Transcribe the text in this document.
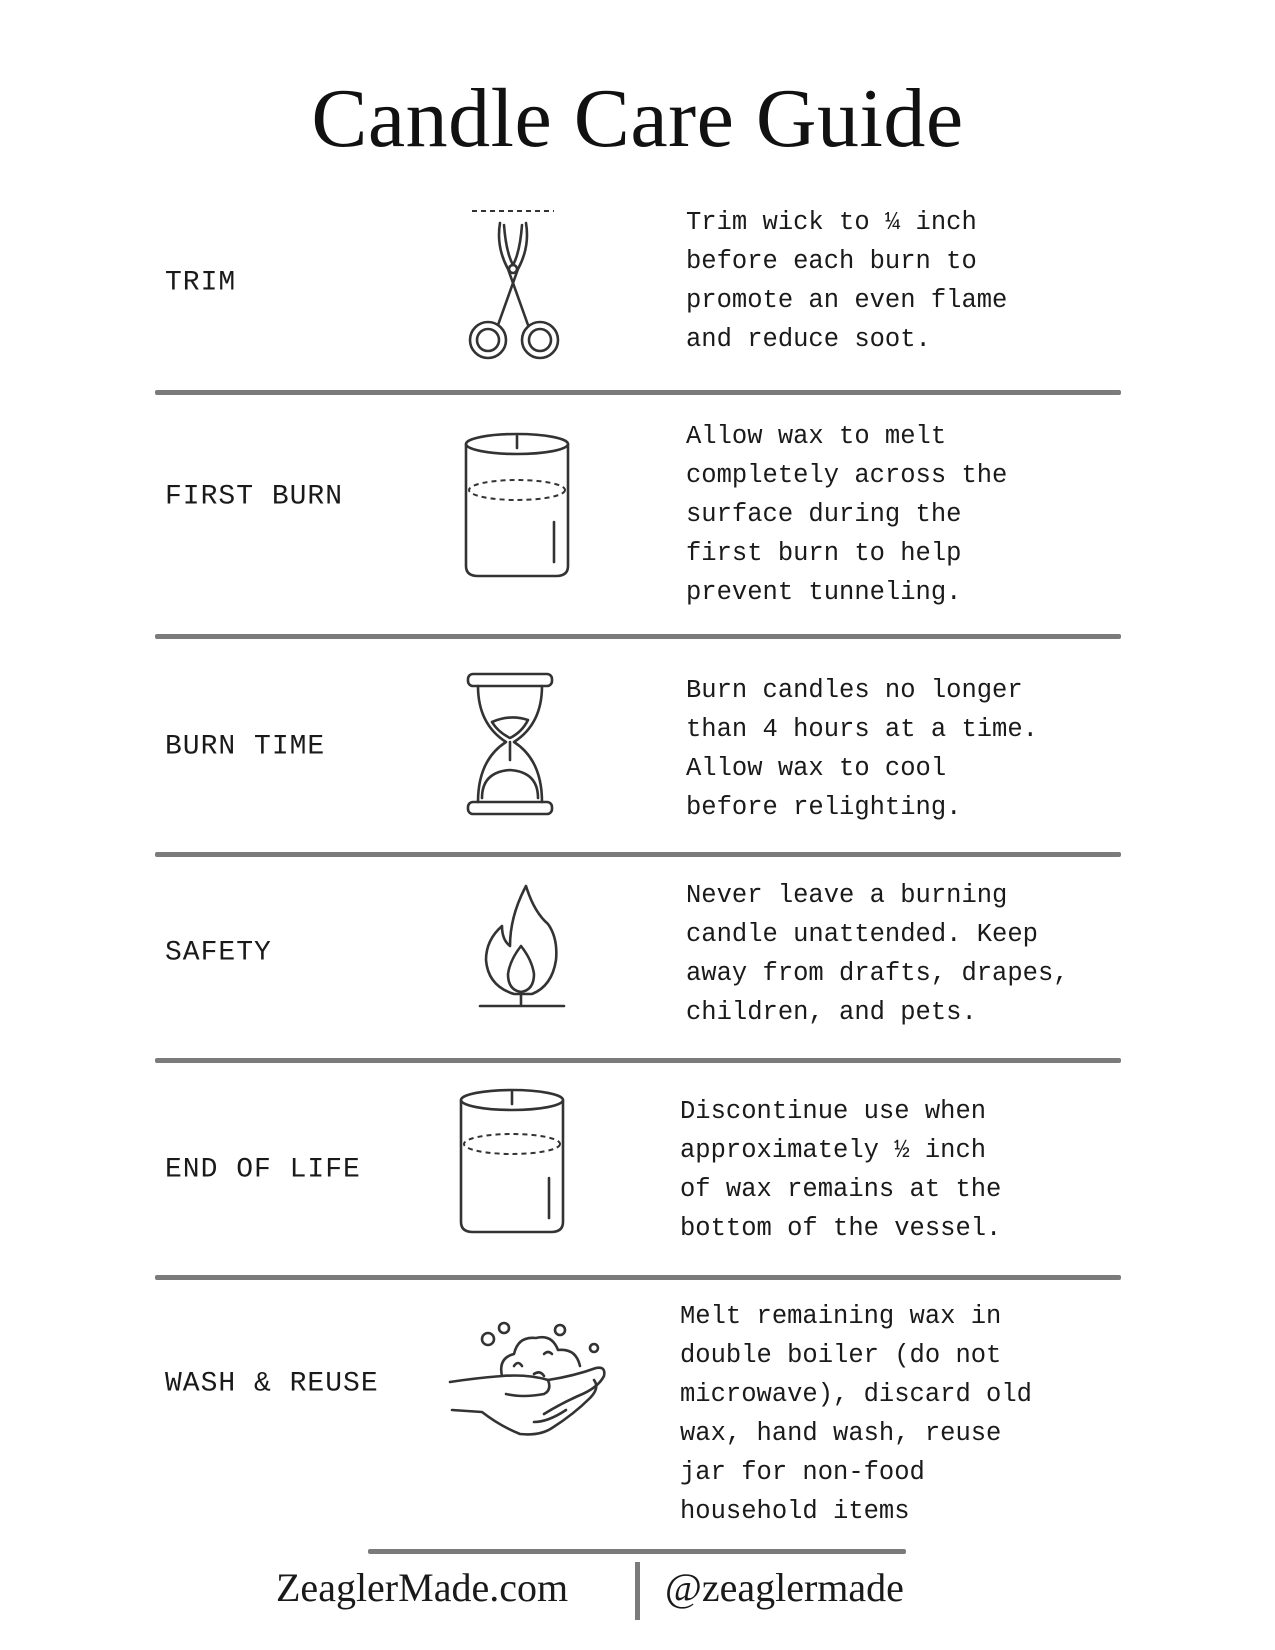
Candle Care Guide
TRIM
Trim wick to ¼ inch
before each burn to
promote an even flame
and reduce soot.
FIRST BURN
Allow wax to melt
completely across the
surface during the
first burn to help
prevent tunneling.
BURN TIME
Burn candles no longer
than 4 hours at a time.
Allow wax to cool
before relighting.
SAFETY
Never leave a burning
candle unattended. Keep
away from drafts, drapes,
children, and pets.
END OF LIFE
Discontinue use when
approximately ½ inch
of wax remains at the
bottom of the vessel.
WASH & REUSE
Melt remaining wax in
double boiler (do not
microwave), discard old
wax, hand wash, reuse
jar for non-food
household items
ZeaglerMade.com @zeaglermade
